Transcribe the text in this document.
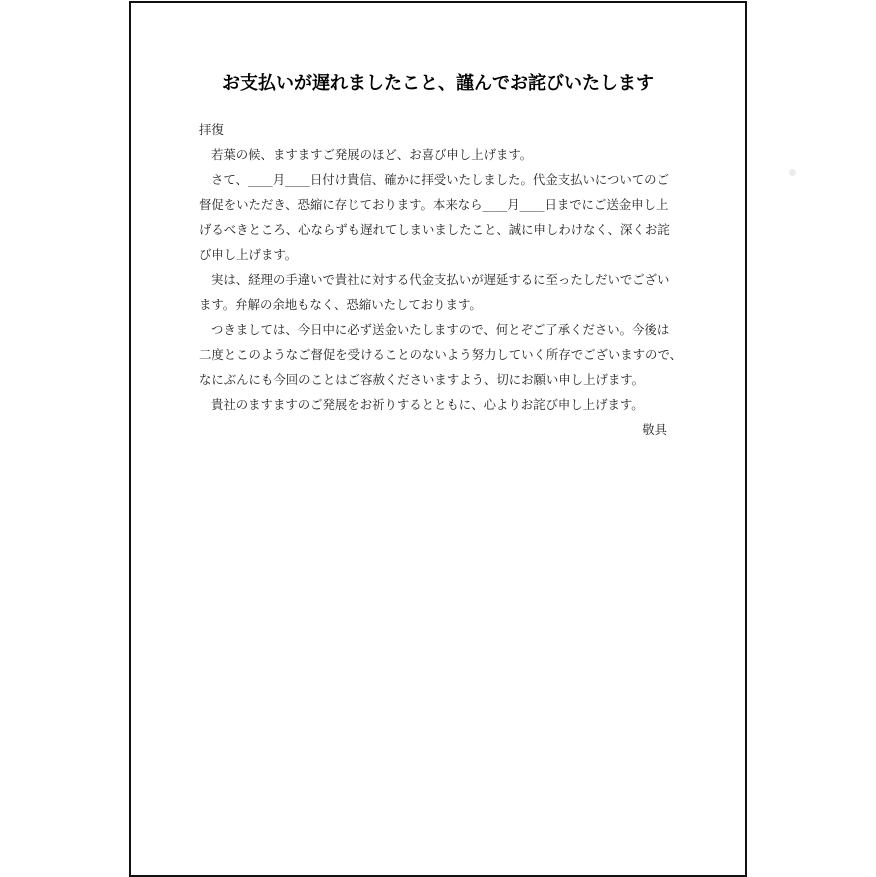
お支払いが遅れましたこと、謹んでお詫びいたします
拝復
若葉の候、ますますご発展のほど、お喜び申し上げます。
さて、____月____日付け貴信、確かに拝受いたしました。代金支払いについてのご
督促をいただき、恐縮に存じております。本来なら____月____日までにご送金申し上
げるべきところ、心ならずも遅れてしまいましたこと、誠に申しわけなく、深くお詫
び申し上げます。
実は、経理の手違いで貴社に対する代金支払いが遅延するに至ったしだいでござい
ます。弁解の余地もなく、恐縮いたしております。
つきましては、今日中に必ず送金いたしますので、何とぞご了承ください。今後は
二度とこのようなご督促を受けることのないよう努力していく所存でございますので、
なにぶんにも今回のことはご容赦くださいますよう、切にお願い申し上げます。
貴社のますますのご発展をお祈りするとともに、心よりお詫び申し上げます。
敬具
